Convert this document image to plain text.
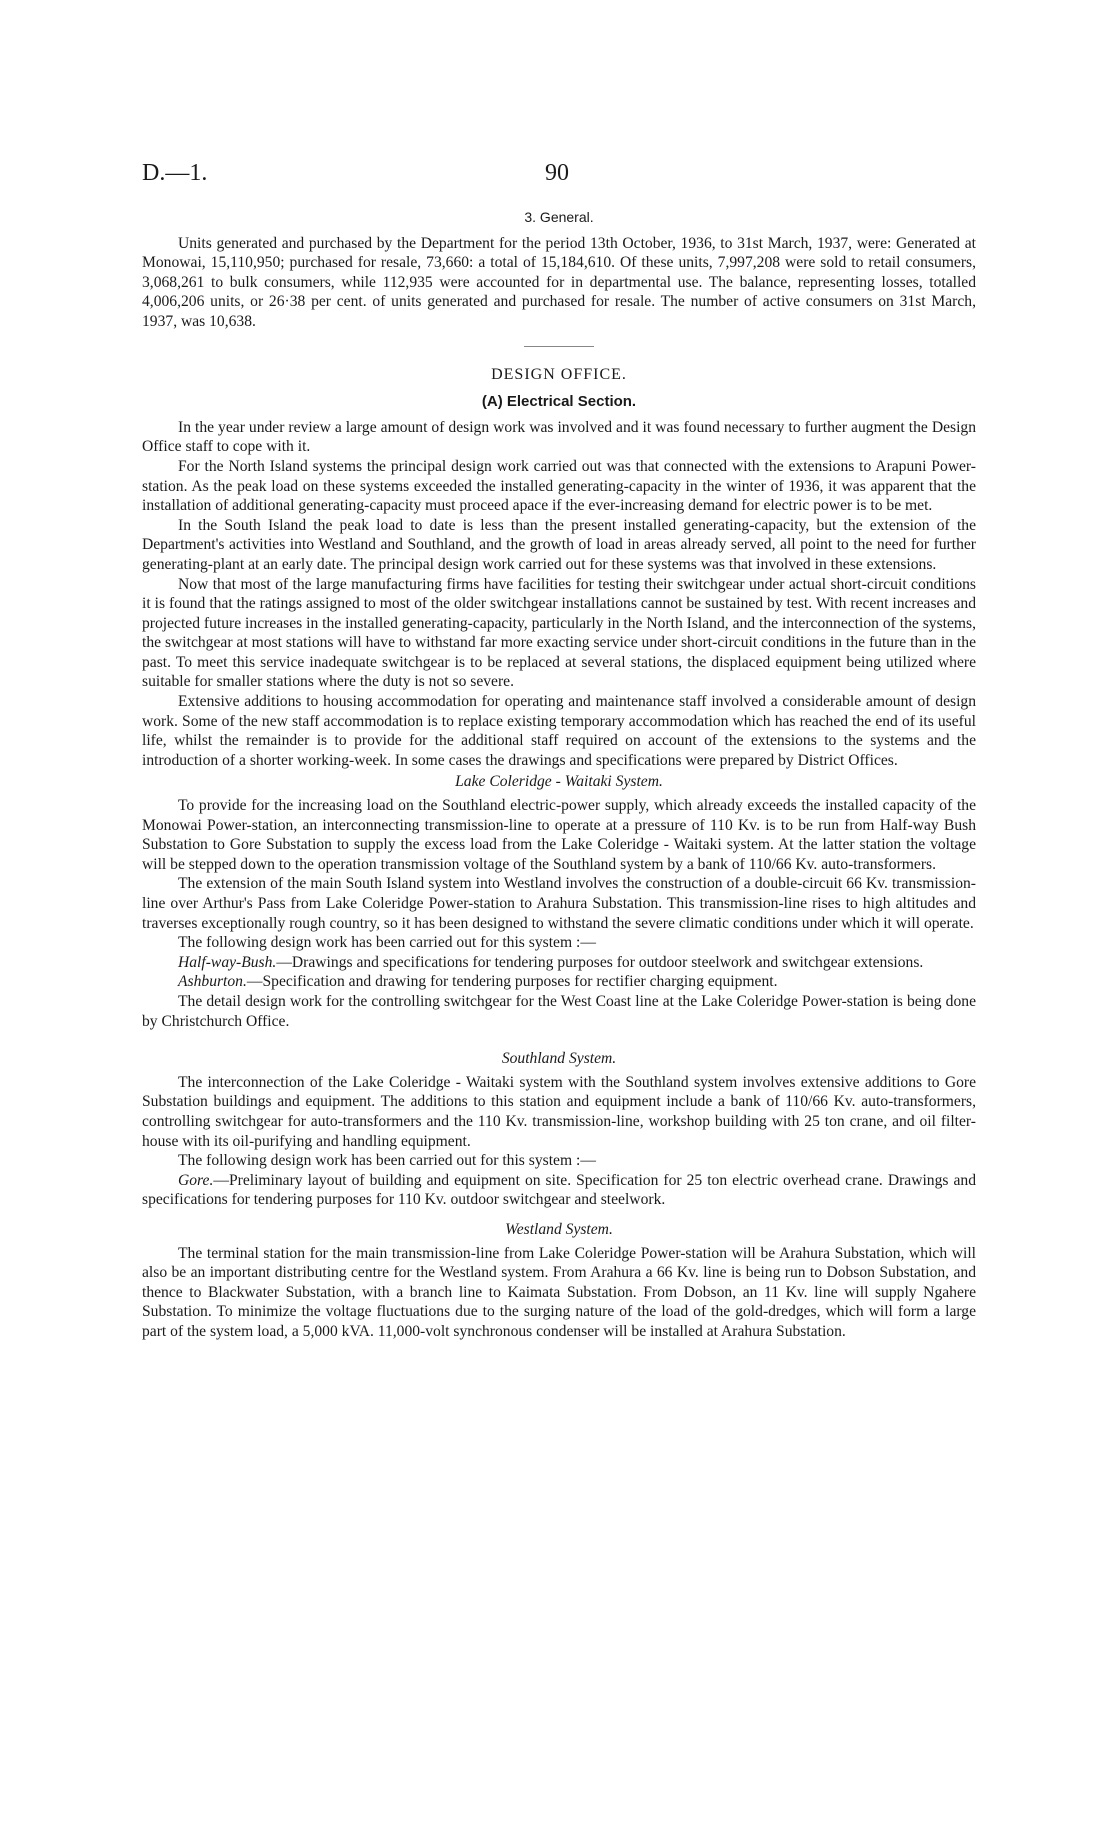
D.—1.	90
3. General.

Units generated and purchased by the Department for the period 13th October, 1936, to 31st March, 1937, were: Generated at Monowai, 15,110,950; purchased for resale, 73,660: a total of 15,184,610. Of these units, 7,997,208 were sold to retail consumers, 3,068,261 to bulk consumers, while 112,935 were accounted for in departmental use. The balance, representing losses, totalled 4,006,206 units, or 26·38 per cent. of units generated and purchased for resale. The number of active consumers on 31st March, 1937, was 10,638.

DESIGN OFFICE.
(A) Electrical Section.

In the year under review a large amount of design work was involved and it was found necessary to further augment the Design Office staff to cope with it.

For the North Island systems the principal design work carried out was that connected with the extensions to Arapuni Power-station. As the peak load on these systems exceeded the installed generating-capacity in the winter of 1936, it was apparent that the installation of additional generating-capacity must proceed apace if the ever-increasing demand for electric power is to be met.

In the South Island the peak load to date is less than the present installed generating-capacity, but the extension of the Department's activities into Westland and Southland, and the growth of load in areas already served, all point to the need for further generating-plant at an early date. The principal design work carried out for these systems was that involved in these extensions.

Now that most of the large manufacturing firms have facilities for testing their switchgear under actual short-circuit conditions it is found that the ratings assigned to most of the older switchgear installations cannot be sustained by test. With recent increases and projected future increases in the installed generating-capacity, particularly in the North Island, and the interconnection of the systems, the switchgear at most stations will have to withstand far more exacting service under short-circuit conditions in the future than in the past. To meet this service inadequate switchgear is to be replaced at several stations, the displaced equipment being utilized where suitable for smaller stations where the duty is not so severe.

Extensive additions to housing accommodation for operating and maintenance staff involved a considerable amount of design work. Some of the new staff accommodation is to replace existing temporary accommodation which has reached the end of its useful life, whilst the remainder is to provide for the additional staff required on account of the extensions to the systems and the introduction of a shorter working-week. In some cases the drawings and specifications were prepared by District Offices.

Lake Coleridge - Waitaki System.

To provide for the increasing load on the Southland electric-power supply, which already exceeds the installed capacity of the Monowai Power-station, an interconnecting transmission-line to operate at a pressure of 110 Kv. is to be run from Half-way Bush Substation to Gore Substation to supply the excess load from the Lake Coleridge - Waitaki system. At the latter station the voltage will be stepped down to the operation transmission voltage of the Southland system by a bank of 110/66 Kv. auto-transformers.

The extension of the main South Island system into Westland involves the construction of a double-circuit 66 Kv. transmission-line over Arthur's Pass from Lake Coleridge Power-station to Arahura Substation. This transmission-line rises to high altitudes and traverses exceptionally rough country, so it has been designed to withstand the severe climatic conditions under which it will operate.

The following design work has been carried out for this system :—

Half-way-Bush.—Drawings and specifications for tendering purposes for outdoor steelwork and switchgear extensions.

Ashburton.—Specification and drawing for tendering purposes for rectifier charging equipment.

The detail design work for the controlling switchgear for the West Coast line at the Lake Coleridge Power-station is being done by Christchurch Office.

Southland System.

The interconnection of the Lake Coleridge - Waitaki system with the Southland system involves extensive additions to Gore Substation buildings and equipment. The additions to this station and equipment include a bank of 110/66 Kv. auto-transformers, controlling switchgear for auto-transformers and the 110 Kv. transmission-line, workshop building with 25 ton crane, and oil filter-house with its oil-purifying and handling equipment.

The following design work has been carried out for this system :—

Gore.—Preliminary layout of building and equipment on site. Specification for 25 ton electric overhead crane. Drawings and specifications for tendering purposes for 110 Kv. outdoor switchgear and steelwork.

Westland System.

The terminal station for the main transmission-line from Lake Coleridge Power-station will be Arahura Substation, which will also be an important distributing centre for the Westland system. From Arahura a 66 Kv. line is being run to Dobson Substation, and thence to Blackwater Substation, with a branch line to Kaimata Substation. From Dobson, an 11 Kv. line will supply Ngahere Substation. To minimize the voltage fluctuations due to the surging nature of the load of the gold-dredges, which will form a large part of the system load, a 5,000 kVA. 11,000-volt synchronous condenser will be installed at Arahura Substation.
